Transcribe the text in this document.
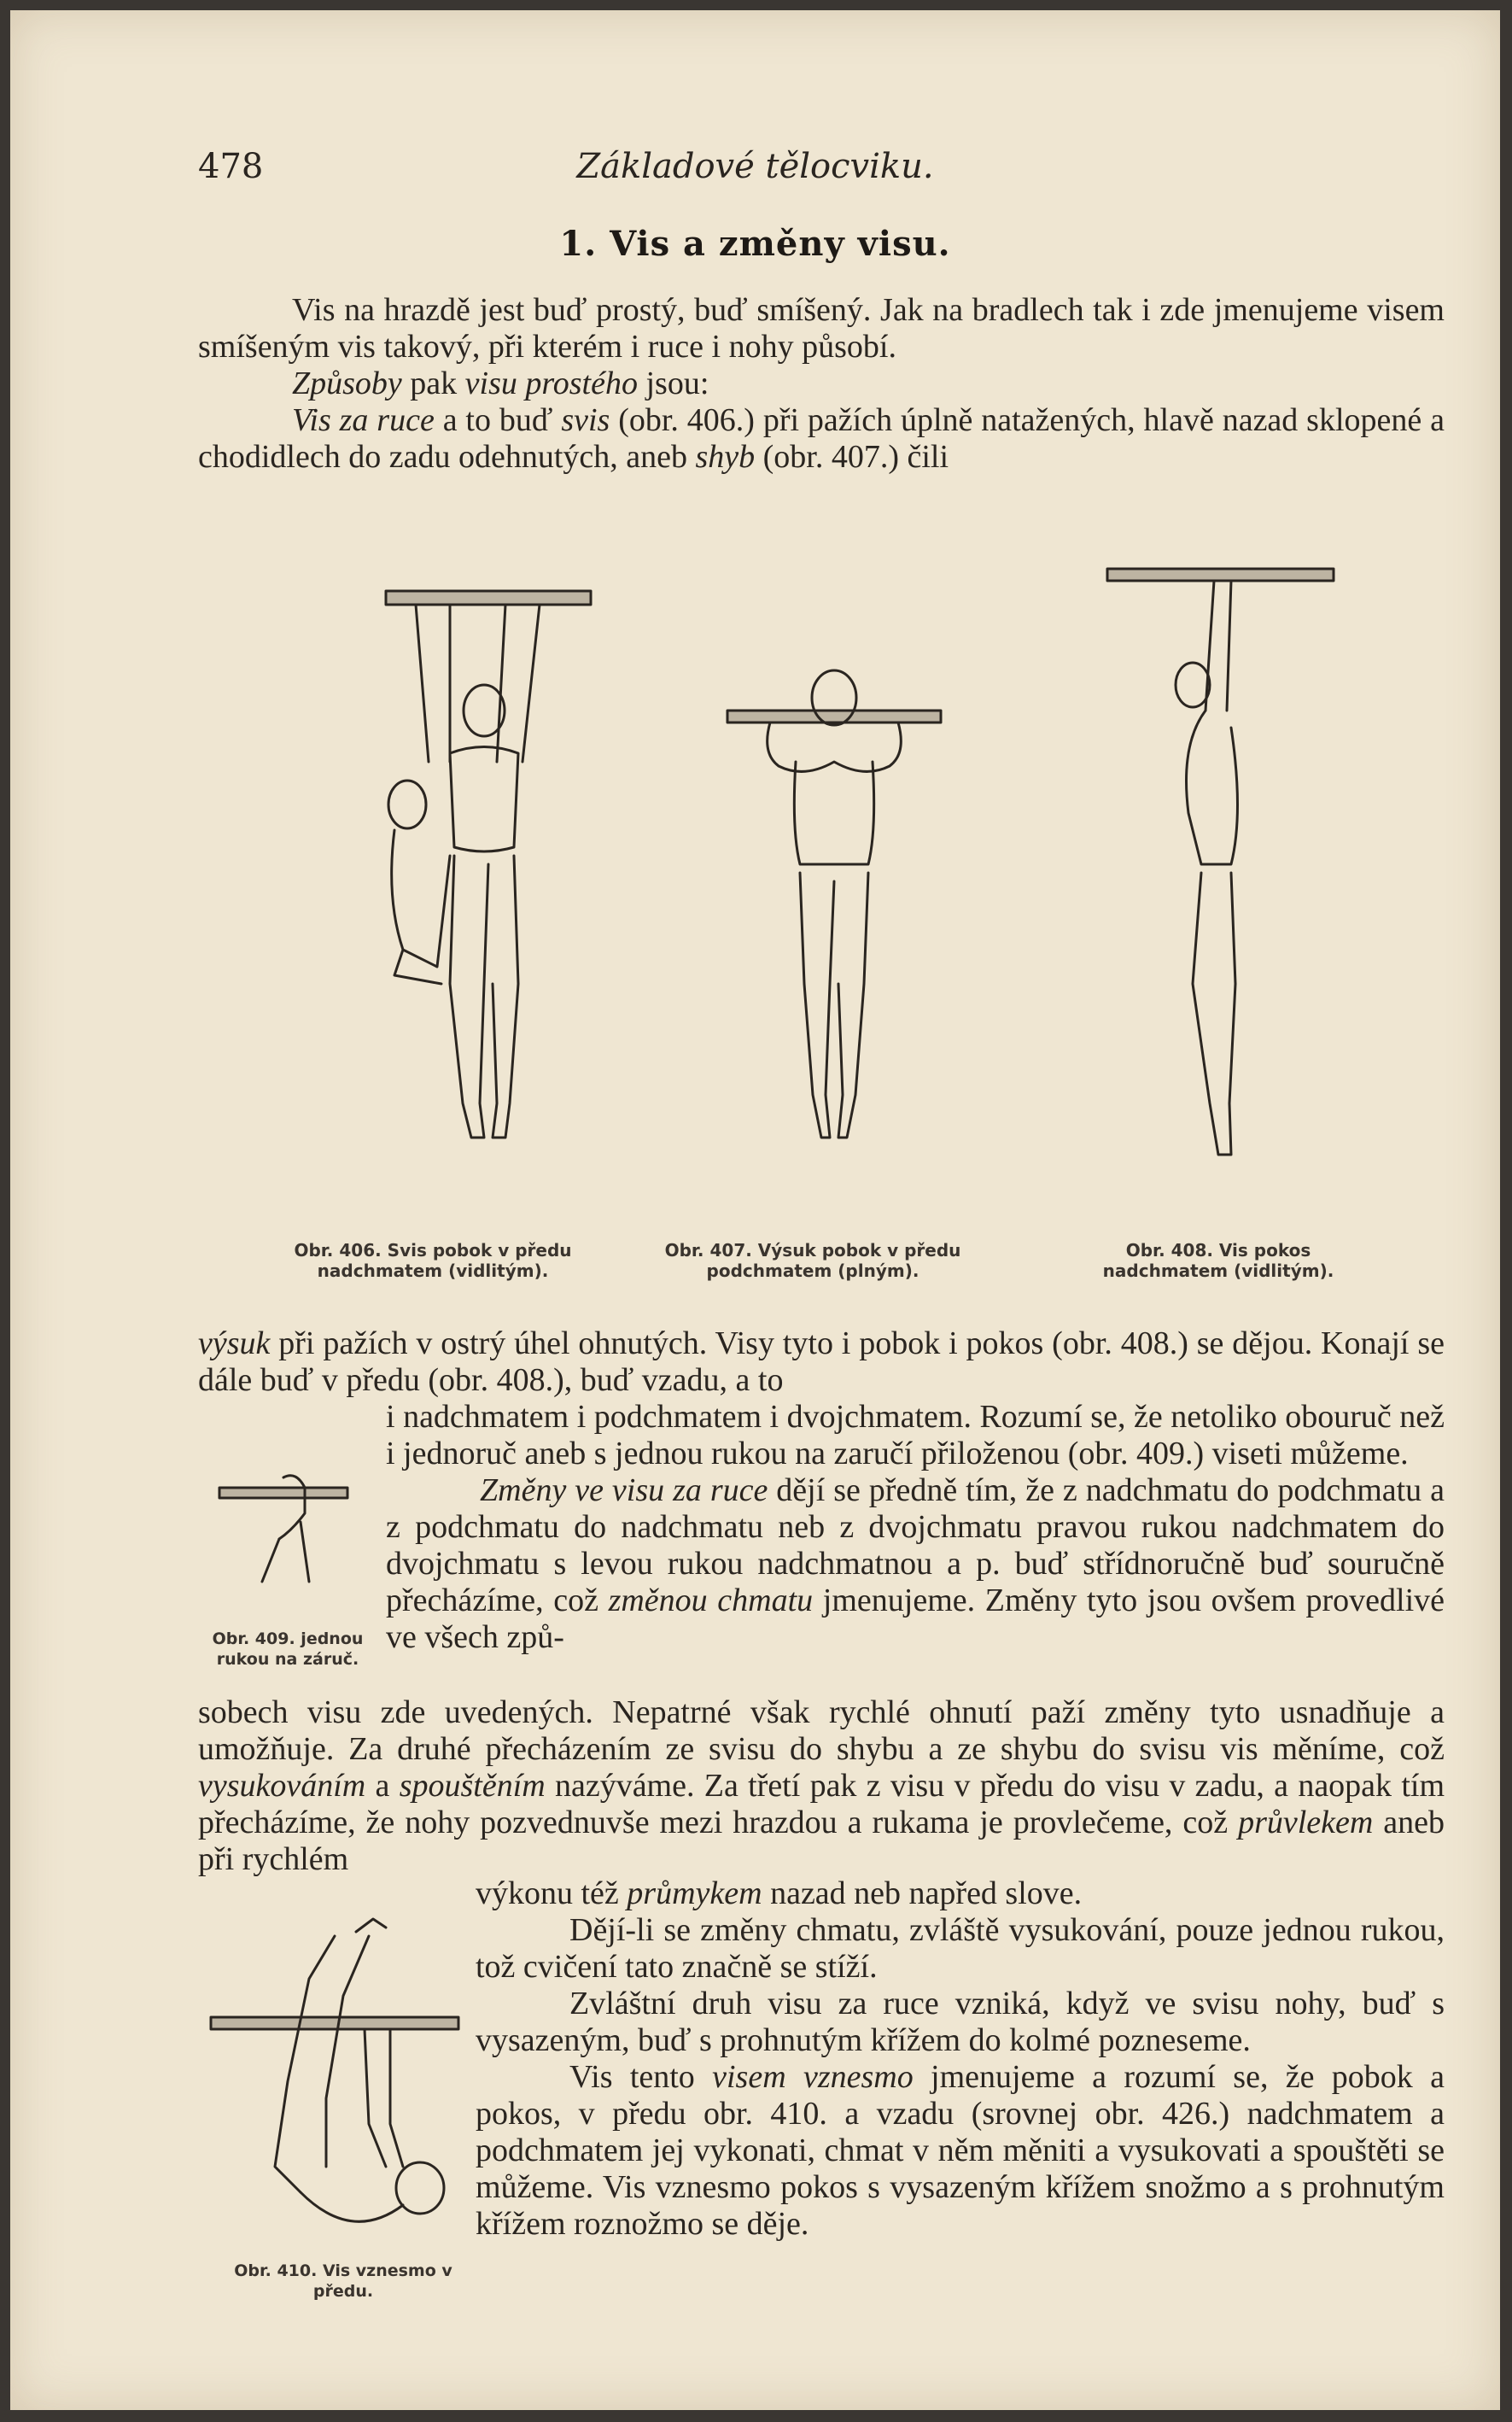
478	Základové tělocviku.
1. Vis a změny visu.

Vis na hrazdě jest buď prostý, buď smíšený. Jak na bradlech tak i zde jmenujeme visem smíšeným vis takový, při kterém i ruce i nohy působí.

Způsoby pak visu prostého jsou:

Vis za ruce a to buď svis (obr. 406.) při pažích úplně natažených, hlavě nazad sklopené a chodidlech do zadu odehnutých, aneb shyb (obr. 407.) čili

Obr. 406. Svis pobok v předu nadchmatem (vidlitým).
Obr. 407. Výsuk pobok v předu podchmatem (plným).
Obr. 408. Vis pokos nadchmatem (vidlitým).

výsuk při pažích v ostrý úhel ohnutých. Visy tyto i pobok i pokos (obr. 408.) se dějou. Konají se dále buď v předu (obr. 408.), buď vzadu, a to

Obr. 409. jednou rukou na záruč.

i nadchmatem i podchmatem i dvojchmatem. Rozumí se, že netoliko obouruč než i jednoruč aneb s jednou rukou na zaručí přiloženou (obr. 409.) viseti můžeme.

Změny ve visu za ruce dějí se předně tím, že z nadchmatu do podchmatu a z podchmatu do nadchmatu neb z dvojchmatu pravou rukou nadchmatem do dvojchmatu s levou rukou nadchmatnou a p. buď střídnoručně buď souručně přecházíme, což změnou chmatu jmenujeme. Změny tyto jsou ovšem provedlivé ve všech způ-

sobech visu zde uvedených. Nepatrné však rychlé ohnutí paží změny tyto usnadňuje a umožňuje. Za druhé přecházením ze svisu do shybu a ze shybu do svisu vis měníme, což vysukováním a spouštěním nazýváme. Za třetí pak z visu v předu do visu v zadu, a naopak tím přecházíme, že nohy pozvednuvše mezi hrazdou a rukama je provlečeme, což průvlekem aneb při rychlém

Obr. 410. Vis vznesmo v předu.

výkonu též průmykem nazad neb napřed slove.

Dějí-li se změny chmatu, zvláště vysukování, pouze jednou rukou, tož cvičení tato značně se stíží.

Zvláštní druh visu za ruce vzniká, když ve svisu nohy, buď s vysazeným, buď s prohnutým křížem do kolmé pozneseme.

Vis tento visem vznesmo jmenujeme a rozumí se, že pobok a pokos, v předu obr. 410. a vzadu (srovnej obr. 426.) nadchmatem a podchmatem jej vykonati, chmat v něm měniti a vysukovati a spouštěti se můžeme. Vis vznesmo pokos s vysazeným křížem snožmo a s prohnutým křížem roznožmo se děje.
